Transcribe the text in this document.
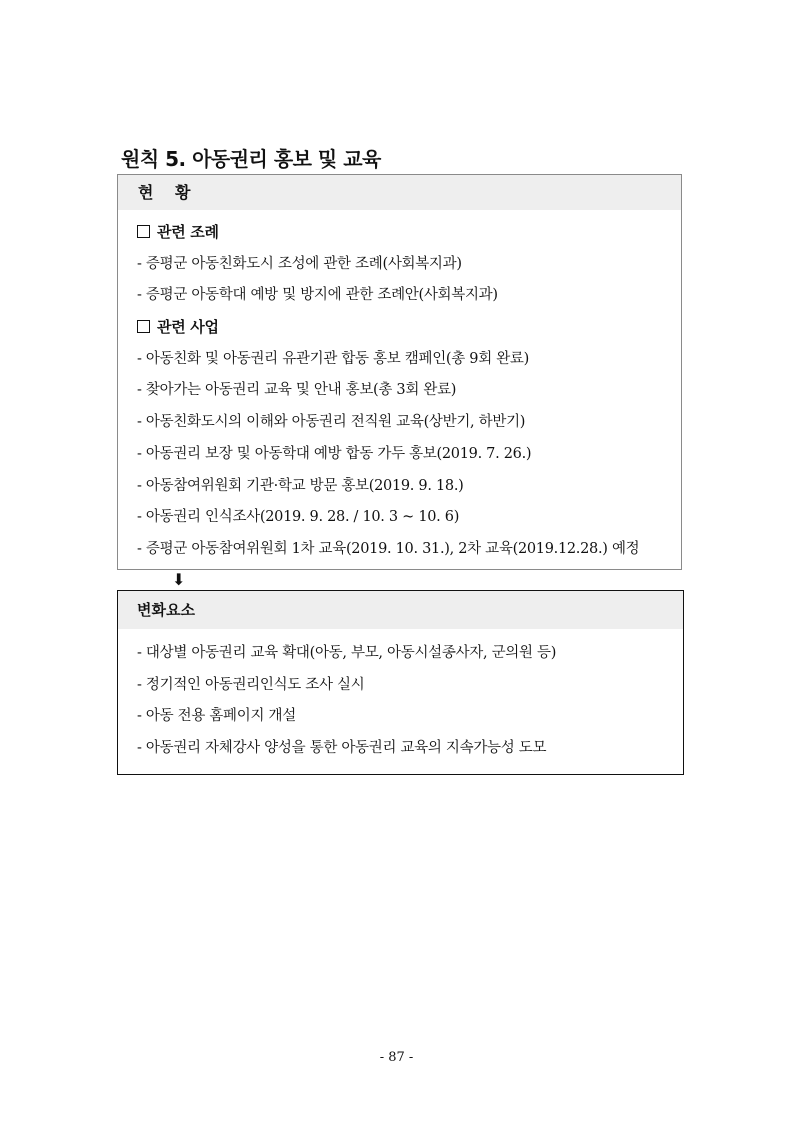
원칙 5. 아동권리 홍보 및 교육
현 황
관련 조례
- 증평군 아동친화도시 조성에 관한 조례(사회복지과)
- 증평군 아동학대 예방 및 방지에 관한 조례안(사회복지과)
관련 사업
- 아동친화 및 아동권리 유관기관 합동 홍보 캠페인(총 9회 완료)
- 찾아가는 아동권리 교육 및 안내 홍보(총 3회 완료)
- 아동친화도시의 이해와 아동권리 전직원 교육(상반기, 하반기)
- 아동권리 보장 및 아동학대 예방 합동 가두 홍보(2019. 7. 26.)
- 아동참여위원회 기관·학교 방문 홍보(2019. 9. 18.)
- 아동권리 인식조사(2019. 9. 28. / 10. 3 ~ 10. 6)
- 증평군 아동참여위원회 1차 교육(2019. 10. 31.), 2차 교육(2019.12.28.) 예정
⬇
변화요소
- 대상별 아동권리 교육 확대(아동, 부모, 아동시설종사자, 군의원 등)
- 정기적인 아동권리인식도 조사 실시
- 아동 전용 홈페이지 개설
- 아동권리 자체강사 양성을 통한 아동권리 교육의 지속가능성 도모
- 87 -
